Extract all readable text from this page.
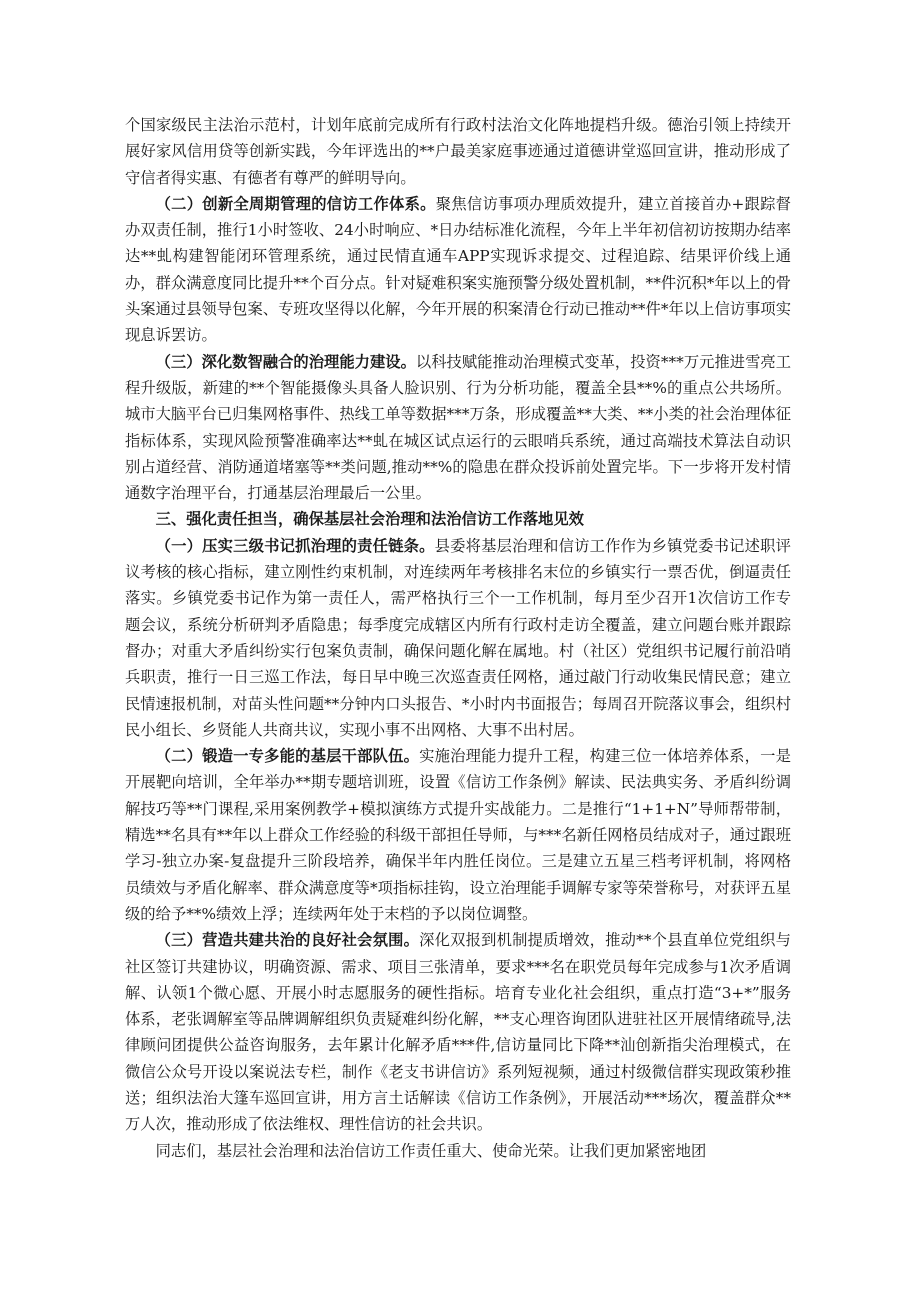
个国家级民主法治示范村，计划年底前完成所有行政村法治文化阵地提档升级。德治引领上持续开展好家风信用贷等创新实践，今年评选出的**户最美家庭事迹通过道德讲堂巡回宣讲，推动形成了守信者得实惠、有德者有尊严的鲜明导向。

（二）创新全周期管理的信访工作体系。聚焦信访事项办理质效提升，建立首接首办+跟踪督办双责任制，推行1小时签收、24小时响应、*日办结标准化流程，今年上半年初信初访按期办结率达**虬构建智能闭环管理系统，通过民情直通车APP实现诉求提交、过程追踪、结果评价线上通办，群众满意度同比提升**个百分点。针对疑难积案实施预警分级处置机制，**件沉积*年以上的骨头案通过县领导包案、专班攻坚得以化解，今年开展的积案清仓行动已推动**件*年以上信访事项实现息诉罢访。

（三）深化数智融合的治理能力建设。以科技赋能推动治理模式变革，投资***万元推进雪亮工程升级版，新建的**个智能摄像头具备人脸识别、行为分析功能，覆盖全县**%的重点公共场所。城市大脑平台已归集网格事件、热线工单等数据***万条，形成覆盖**大类、**小类的社会治理体征指标体系，实现风险预警准确率达**虬在城区试点运行的云眼哨兵系统，通过高端技术算法自动识别占道经营、消防通道堵塞等**类问题,推动**%的隐患在群众投诉前处置完毕。下一步将开发村情通数字治理平台，打通基层治理最后一公里。

三、强化责任担当，确保基层社会治理和法治信访工作落地见效

（一）压实三级书记抓治理的责任链条。县委将基层治理和信访工作作为乡镇党委书记述职评议考核的核心指标，建立刚性约束机制，对连续两年考核排名末位的乡镇实行一票否优，倒逼责任落实。乡镇党委书记作为第一责任人，需严格执行三个一工作机制，每月至少召开1次信访工作专题会议，系统分析研判矛盾隐患；每季度完成辖区内所有行政村走访全覆盖，建立问题台账并跟踪督办；对重大矛盾纠纷实行包案负责制，确保问题化解在属地。村（社区）党组织书记履行前沿哨兵职责，推行一日三巡工作法，每日早中晚三次巡查责任网格，通过敲门行动收集民情民意；建立民情速报机制，对苗头性问题**分钟内口头报告、*小时内书面报告；每周召开院落议事会，组织村民小组长、乡贤能人共商共议，实现小事不出网格、大事不出村居。

（二）锻造一专多能的基层干部队伍。实施治理能力提升工程，构建三位一体培养体系，一是开展靶向培训，全年举办**期专题培训班，设置《信访工作条例》解读、民法典实务、矛盾纠纷调解技巧等**门课程,采用案例教学+模拟演练方式提升实战能力。二是推行“1+1+N”导师帮带制，精选**名具有**年以上群众工作经验的科级干部担任导师，与***名新任网格员结成对子，通过跟班学习-独立办案-复盘提升三阶段培养，确保半年内胜任岗位。三是建立五星三档考评机制，将网格员绩效与矛盾化解率、群众满意度等*项指标挂钩，设立治理能手调解专家等荣誉称号，对获评五星级的给予**%绩效上浮；连续两年处于末档的予以岗位调整。

（三）营造共建共治的良好社会氛围。深化双报到机制提质增效，推动**个县直单位党组织与社区签订共建协议，明确资源、需求、项目三张清单，要求***名在职党员每年完成参与1次矛盾调解、认领1个微心愿、开展小时志愿服务的硬性指标。培育专业化社会组织，重点打造“3+*”服务体系，老张调解室等品牌调解组织负责疑难纠纷化解，**支心理咨询团队进驻社区开展情绪疏导,法律顾问团提供公益咨询服务，去年累计化解矛盾***件,信访量同比下降**汕创新指尖治理模式，在微信公众号开设以案说法专栏，制作《老支书讲信访》系列短视频，通过村级微信群实现政策秒推送；组织法治大篷车巡回宣讲，用方言土话解读《信访工作条例》，开展活动***场次，覆盖群众**万人次，推动形成了依法维权、理性信访的社会共识。

同志们，基层社会治理和法治信访工作责任重大、使命光荣。让我们更加紧密地团
